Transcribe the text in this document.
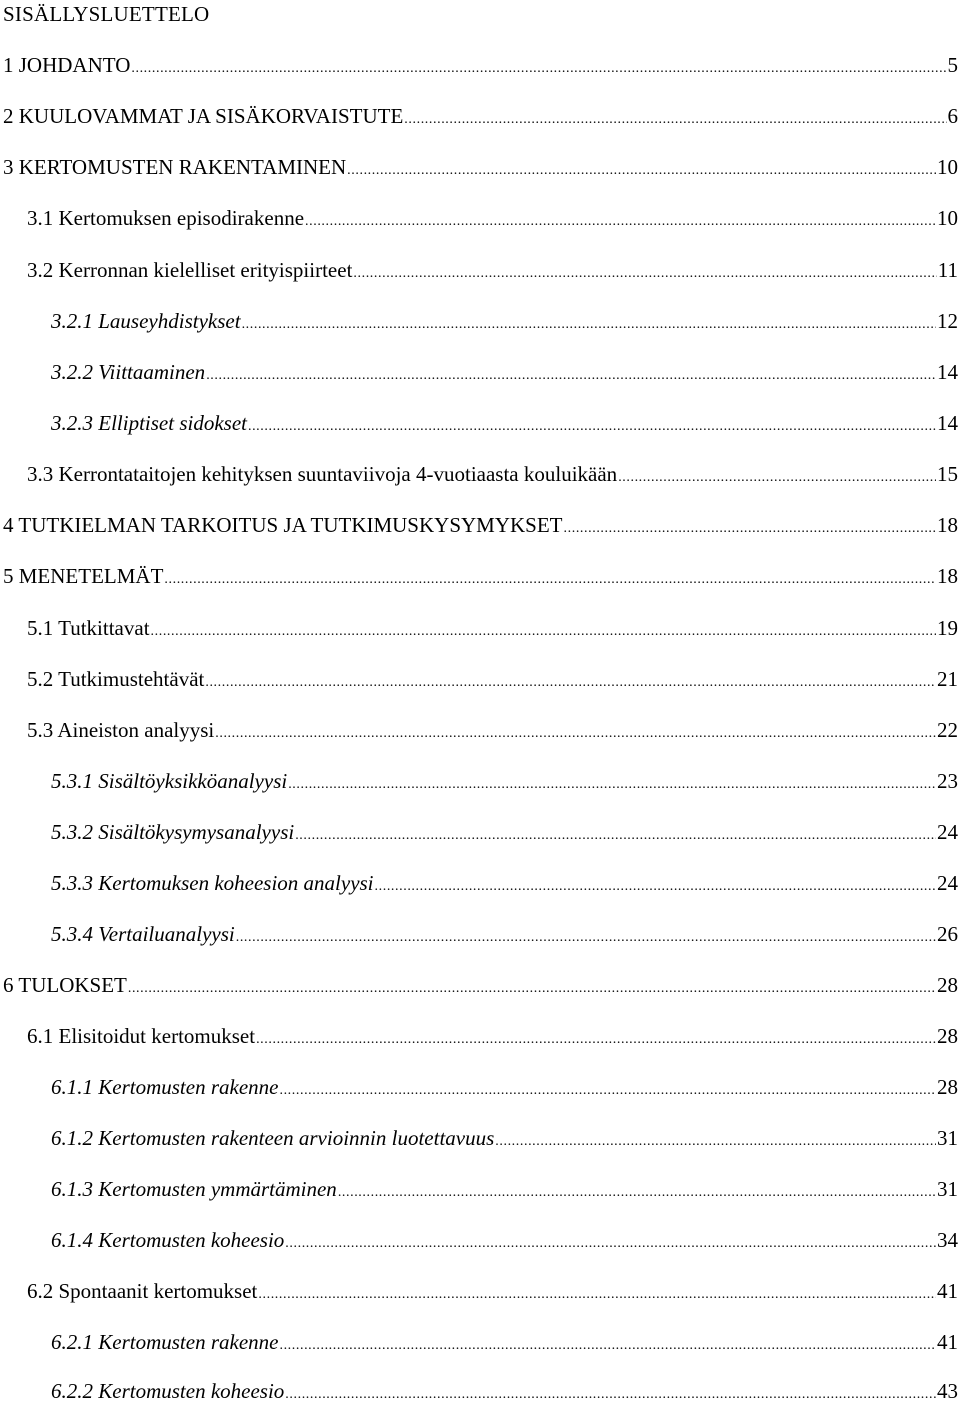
SISÄLLYSLUETTELO
1 JOHDANTO .....	5
2 KUULOVAMMAT JA SISÄKORVAISTUTE .....	6
3 KERTOMUSTEN RAKENTAMINEN .....	10
3.1 Kertomuksen episodirakenne .....	10
3.2 Kerronnan kielelliset erityispiirteet .....	11
3.2.1 Lauseyhdistykset .....	12
3.2.2 Viittaaminen .....	14
3.2.3 Elliptiset sidokset .....	14
3.3 Kerrontataitojen kehityksen suuntaviivoja 4-vuotiaasta kouluikään .....	15
4 TUTKIELMAN TARKOITUS JA TUTKIMUSKYSYMYKSET .....	18
5 MENETELMÄT .....	18
5.1 Tutkittavat .....	19
5.2 Tutkimustehtävät .....	21
5.3 Aineiston analyysi .....	22
5.3.1 Sisältöyksikköanalyysi .....	23
5.3.2 Sisältökysymysanalyysi .....	24
5.3.3 Kertomuksen koheesion analyysi .....	24
5.3.4 Vertailuanalyysi .....	26
6 TULOKSET .....	28
6.1 Elisitoidut kertomukset .....	28
6.1.1 Kertomusten rakenne .....	28
6.1.2 Kertomusten rakenteen arvioinnin luotettavuus .....	31
6.1.3 Kertomusten ymmärtäminen .....	31
6.1.4 Kertomusten koheesio .....	34
6.2 Spontaanit kertomukset .....	41
6.2.1 Kertomusten rakenne .....	41
6.2.2 Kertomusten koheesio .....	43
